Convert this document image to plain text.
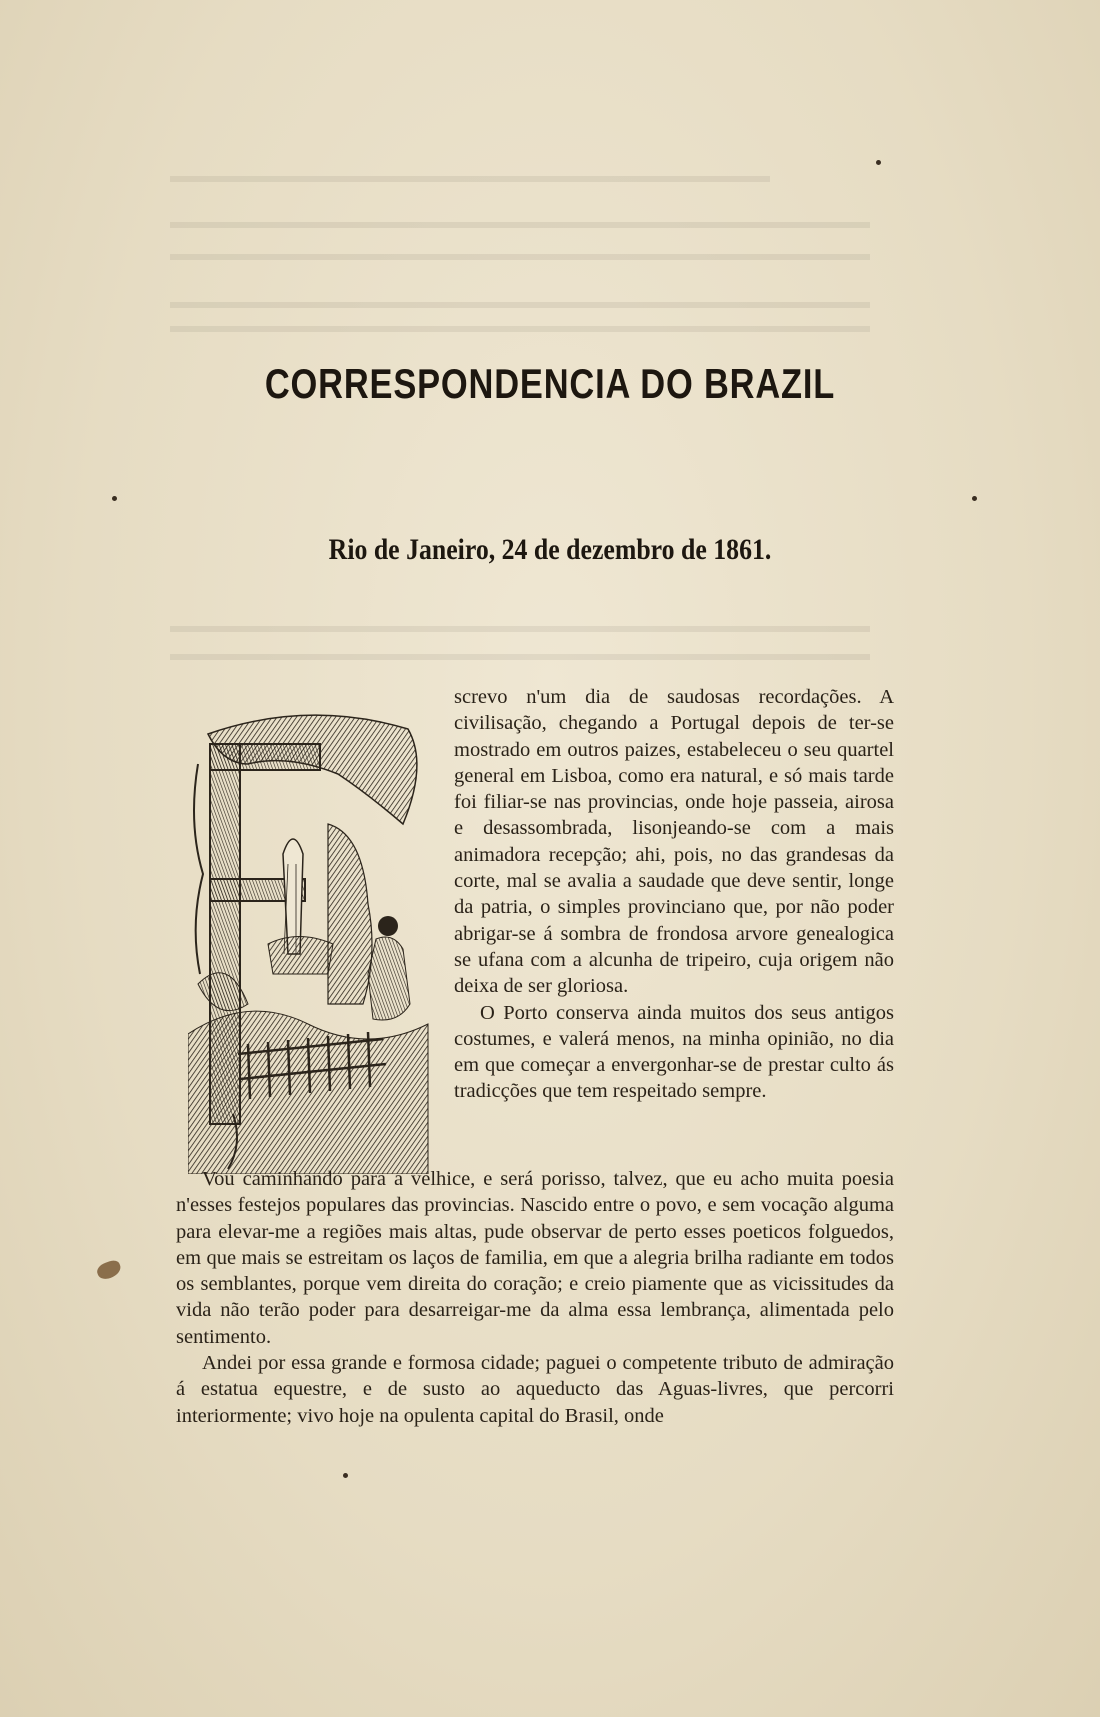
▬▬▬▬▬▬▬▬▬▬▬▬▬▬▬▬▬▬▬▬▬▬▬▬▬▬▬▬▬▬
▬▬▬▬▬▬▬▬▬▬▬▬▬▬▬▬▬▬▬▬▬▬▬▬▬▬▬▬▬▬▬▬▬▬▬
▬▬▬▬▬▬▬▬▬▬▬▬▬▬▬▬▬▬▬▬▬▬▬▬▬▬▬▬▬▬▬▬▬▬▬
▬▬▬▬▬▬▬▬▬▬▬▬▬▬▬▬▬▬▬▬▬▬▬▬▬▬▬▬▬▬▬▬▬▬▬
▬▬▬▬▬▬▬▬▬▬▬▬▬▬▬▬▬▬▬▬▬▬▬▬▬▬▬▬▬▬▬▬▬▬▬
▬▬▬▬▬▬▬▬▬▬▬▬▬▬▬▬▬▬▬▬▬▬▬▬▬▬▬▬▬▬▬▬▬▬▬
▬▬▬▬▬▬▬▬▬▬▬▬▬▬▬▬▬▬▬▬▬▬▬▬▬▬▬▬▬▬▬▬▬▬▬
CORRESPONDENCIA DO BRAZIL
Rio de Janeiro, 24 de dezembro de 1861.

screvo n'um dia de saudosas recordações. A civilisação, chegando a Portugal depois de ter-se mostrado em outros paizes, estabeleceu o seu quartel general em Lisboa, como era natural, e só mais tarde foi filiar-se nas provincias, onde hoje passeia, airosa e desassombrada, lisonjeando-se com a mais animadora recepção; ahi, pois, no das grandesas da corte, mal se avalia a saudade que deve sentir, longe da patria, o simples provinciano que, por não poder abrigar-se á sombra de frondosa arvore genealogica se ufana com a alcunha de tripeiro, cuja origem não deixa de ser gloriosa.

O Porto conserva ainda muitos dos seus antigos costumes, e valerá menos, na minha opinião, no dia em que começar a envergonhar-se de prestar culto ás tradicções que tem respeitado sempre.

Vou caminhando para a velhice, e será porisso, talvez, que eu acho muita poesia n'esses festejos populares das provincias. Nascido entre o povo, e sem vocação alguma para elevar-me a regiões mais altas, pude observar de perto esses poeticos folguedos, em que mais se estreitam os laços de familia, em que a alegria brilha radiante em todos os semblantes, porque vem direita do coração; e creio piamente que as vicissitudes da vida não terão poder para desarreigar-me da alma essa lembrança, alimentada pelo sentimento.

Andei por essa grande e formosa cidade; paguei o competente tributo de admiração á estatua equestre, e de susto ao aqueducto das Aguas-livres, que percorri interiormente; vivo hoje na opulenta capital do Brasil, onde
